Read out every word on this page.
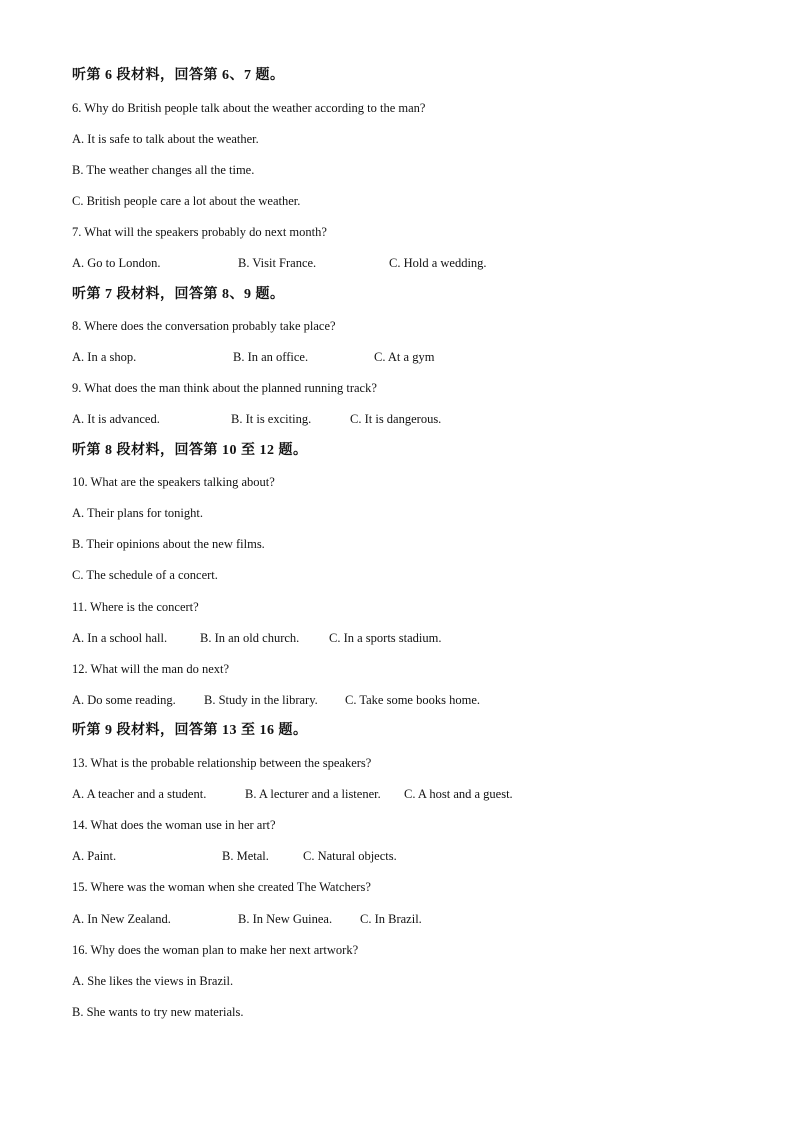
听第 6 段材料，回答第 6、7 题。
6. Why do British people talk about the weather according to the man?
A. It is safe to talk about the weather.
B. The weather changes all the time.
C. British people care a lot about the weather.
7. What will the speakers probably do next month?
A. Go to London.	B. Visit France.	C. Hold a wedding.
听第 7 段材料，回答第 8、9 题。
8. Where does the conversation probably take place?
A. In a shop.	B. In an office.	C. At a gym
9. What does the man think about the planned running track?
A. It is advanced.	B. It is exciting.	C. It is dangerous.
听第 8 段材料，回答第 10 至 12 题。
10. What are the speakers talking about?
A. Their plans for tonight.
B. Their opinions about the new films.
C. The schedule of a concert.
11. Where is the concert?
A. In a school hall.	B. In an old church. C. In a sports stadium.
12. What will the man do next?
A. Do some reading. B. Study in the library. C. Take some books home.
听第 9 段材料，回答第 13 至 16 题。
13. What is the probable relationship between the speakers?
A. A teacher and a student.	B. A lecturer and a listener. C. A host and a guest.
14. What does the woman use in her art?
A. Paint.	B. Metal.	C. Natural objects.
15. Where was the woman when she created The Watchers?
A. In New Zealand.	B. In New Guinea. C. In Brazil.
16. Why does the woman plan to make her next artwork?
A. She likes the views in Brazil.
B. She wants to try new materials.
